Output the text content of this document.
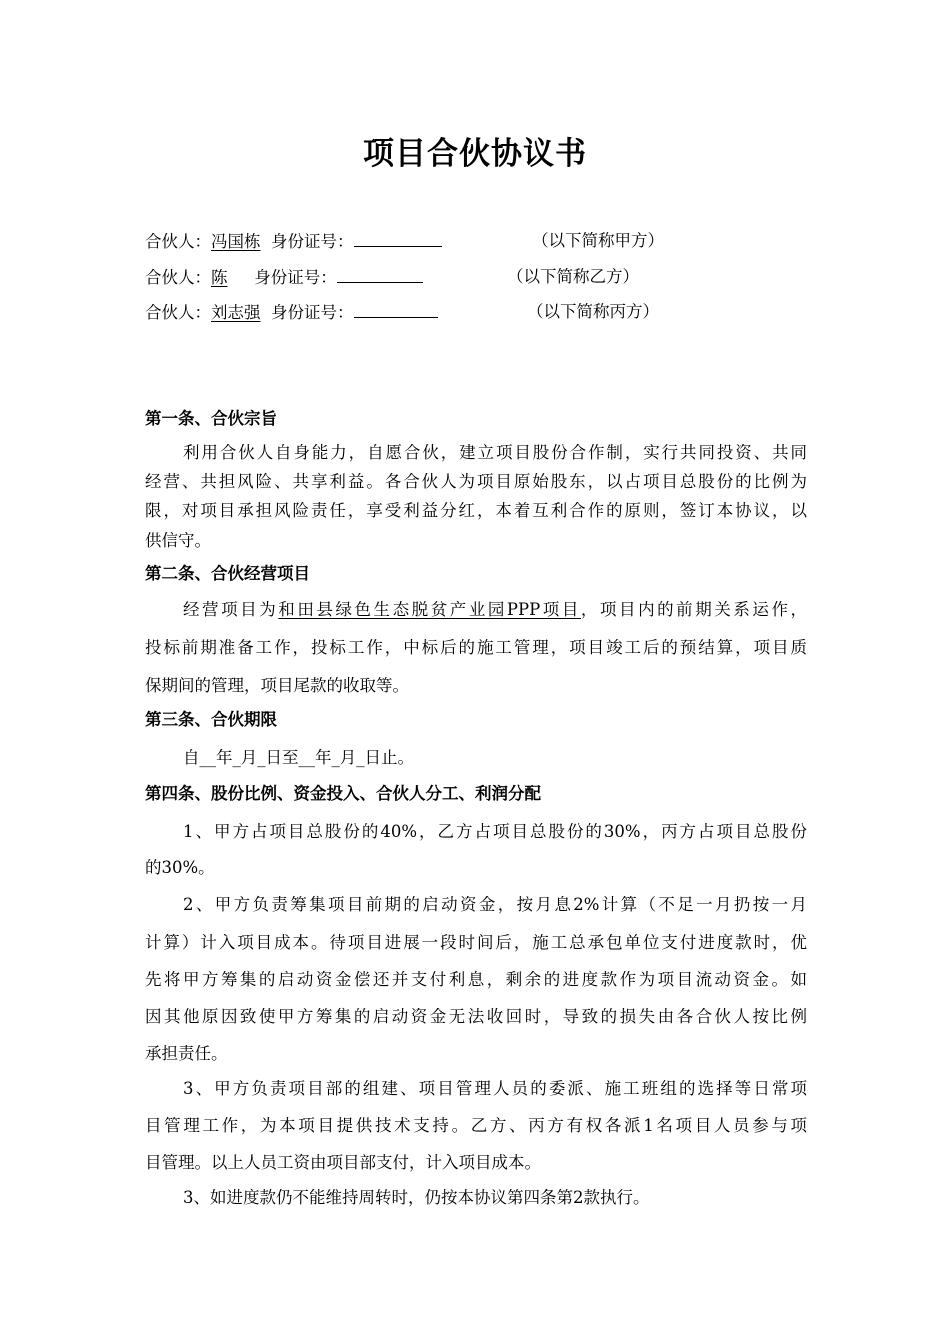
项目合伙协议书
合伙人：冯国栋 身份证号：	（以下简称甲方）
合伙人：陈 身份证号：	（以下简称乙方）
合伙人：刘志强 身份证号：	（以下简称丙方）
第一条、合伙宗旨
利用合伙人自身能力，自愿合伙，建立项目股份合作制，实行共同投资、共同
经营、共担风险、共享利益。各合伙人为项目原始股东，以占项目总股份的比例为
限，对项目承担风险责任，享受利益分红，本着互利合作的原则，签订本协议，以
供信守。
第二条、合伙经营项目
经营项目为和田县绿色生态脱贫产业园PPP项目，项目内的前期关系运作，
投标前期准备工作，投标工作，中标后的施工管理，项目竣工后的预结算，项目质
保期间的管理，项目尾款的收取等。
第三条、合伙期限
自__年_月_日至__年_月_日止。
第四条、股份比例、资金投入、合伙人分工、利润分配
1、甲方占项目总股份的40%，乙方占项目总股份的30%，丙方占项目总股份
的30%。
2、甲方负责筹集项目前期的启动资金，按月息2%计算（不足一月扔按一月
计算）计入项目成本。待项目进展一段时间后，施工总承包单位支付进度款时，优
先将甲方筹集的启动资金偿还并支付利息，剩余的进度款作为项目流动资金。如
因其他原因致使甲方筹集的启动资金无法收回时，导致的损失由各合伙人按比例
承担责任。
3、甲方负责项目部的组建、项目管理人员的委派、施工班组的选择等日常项
目管理工作，为本项目提供技术支持。乙方、丙方有权各派1名项目人员参与项
目管理。以上人员工资由项目部支付，计入项目成本。
3、如进度款仍不能维持周转时，仍按本协议第四条第2款执行。
